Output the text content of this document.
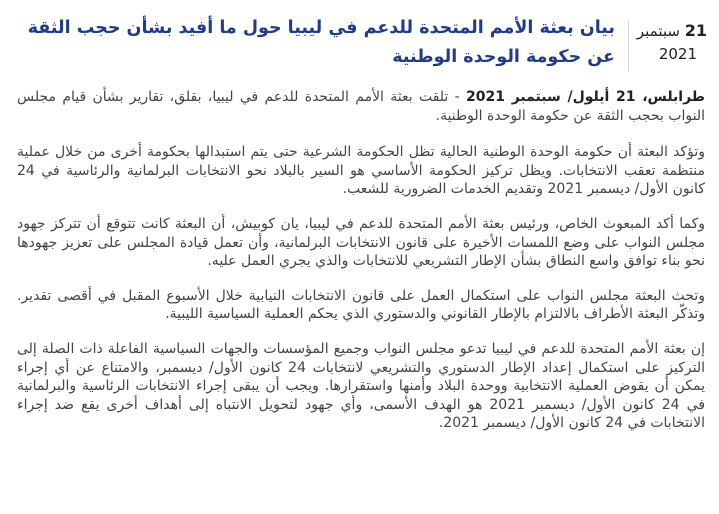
21 سبتمبر
2021
بيان بعثة الأمم المتحدة للدعم في ليبيا حول ما أفيد بشأن حجب الثقة عن حكومة الوحدة الوطنية

طرابلس، 21 أيلول/ سبتمبر 2021 - تلقت بعثة الأمم المتحدة للدعم في ليبيا، بقلق، تقارير بشأن قيام مجلس النواب بحجب الثقة عن حكومة الوحدة الوطنية.

وتؤكد البعثة أن حكومة الوحدة الوطنية الحالية تظل الحكومة الشرعية حتى يتم استبدالها بحكومة أخرى من خلال عملية منتظمة تعقب الانتخابات. ويظل تركيز الحكومة الأساسي هو السير بالبلاد نحو الانتخابات البرلمانية والرئاسية في 24 كانون الأول/ ديسمبر 2021 وتقديم الخدمات الضرورية للشعب.

وكما أكد المبعوث الخاص، ورئيس بعثة الأمم المتحدة للدعم في ليبيا، يان كوبيش، أن البعثة كانت تتوقع أن تتركز جهود مجلس النواب على وضع اللمسات الأخيرة على قانون الانتخابات البرلمانية، وأن تعمل قيادة المجلس على تعزيز جهودها نحو بناء توافق واسع النطاق بشأن الإطار التشريعي للانتخابات والذي يجري العمل عليه.

وتحث البعثة مجلس النواب على استكمال العمل على قانون الانتخابات النيابية خلال الأسبوع المقبل في أقصى تقدير. وتذكّر البعثة الأطراف بالالتزام بالإطار القانوني والدستوري الذي يحكم العملية السياسية الليبية.

إن بعثة الأمم المتحدة للدعم في ليبيا تدعو مجلس النواب وجميع المؤسسات والجهات السياسية الفاعلة ذات الصلة إلى التركيز على استكمال إعداد الإطار الدستوري والتشريعي لانتخابات 24 كانون الأول/ ديسمبر، والامتناع عن أي إجراء يمكن أن يقوض العملية الانتخابية ووحدة البلاد وأمنها واستقرارها. ويجب أن يبقى إجراء الانتخابات الرئاسية والبرلمانية في 24 كانون الأول/ ديسمبر 2021 هو الهدف الأسمى، وأي جهود لتحويل الانتباه إلى أهداف أخرى يقع ضد إجراء الانتخابات في 24 كانون الأول/ ديسمبر 2021.
